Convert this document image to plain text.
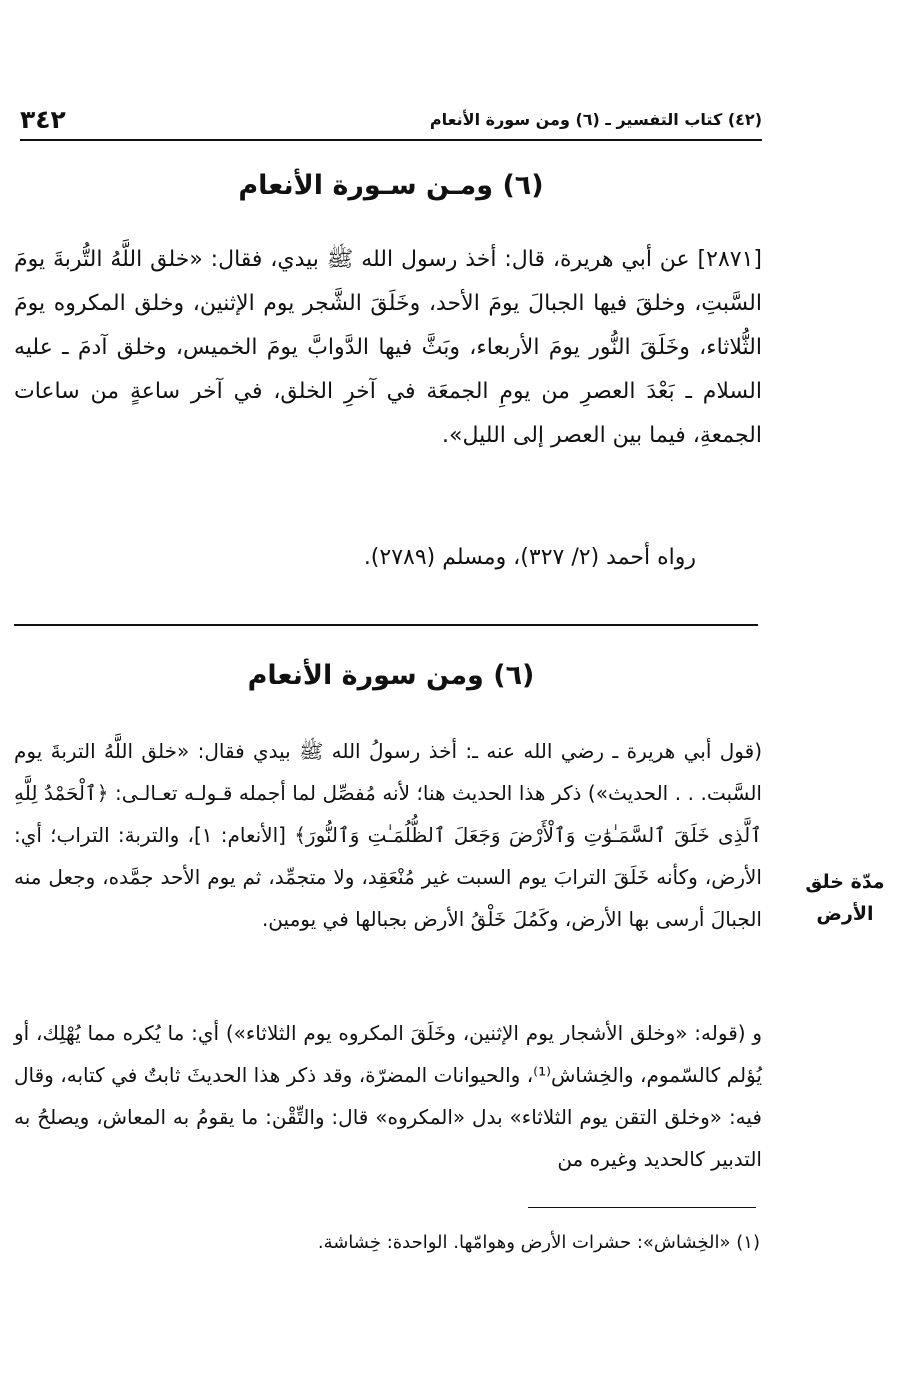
٣٤٢	(٤٢) كتاب التفسير ـ (٦) ومن سورة الأنعام
(٦) ومـن سـورة الأنعام
[٢٨٧١] عن أبي هريرة، قال: أخذ رسول الله ﷺ بيدي، فقال: «خلق اللَّهُ التُّربةَ يومَ السَّبتِ، وخلقَ فيها الجبالَ يومَ الأحد، وخَلَقَ الشَّجر يوم الإثنين، وخلق المكروه يومَ الثُّلاثاء، وخَلَقَ النُّور يومَ الأربعاء، وبَثَّ فيها الدَّوابَّ يومَ الخميس، وخلق آدمَ ـ عليه السلام ـ بَعْدَ العصرِ من يومِ الجمعَة في آخرِ الخلق، في آخر ساعةٍ من ساعات الجمعةِ، فيما بين العصر إلى الليل».
رواه أحمد (٢/ ٣٢٧)، ومسلم (٢٧٨٩).
(٦) ومن سورة الأنعام
(قول أبي هريرة ـ رضي الله عنه ـ: أخذ رسولُ الله ﷺ بيدي فقال: «خلق اللَّهُ التربةَ يوم السَّبت. . . الحديث») ذكر هذا الحديث هنا؛ لأنه مُفصِّل لما أجمله قـولـه تعـالـى: ﴿ٱلْحَمْدُ لِلَّهِ ٱلَّذِى خَلَقَ ٱلسَّمَـٰوَٰتِ وَٱلْأَرْضَ وَجَعَلَ ٱلظُّلُمَـٰتِ وَٱلنُّورَ﴾ [الأنعام: ١]، والتربة: التراب؛ أي: الأرض، وكأنه خَلَقَ الترابَ يوم السبت غير مُنْعَقِد، ولا متجمِّد، ثم يوم الأحد جمَّده، وجعل منه الجبالَ أرسى بها الأرض، وكَمُلَ خَلْقُ الأرض بجبالها في يومين.
و (قوله: «وخلق الأشجار يوم الإثنين، وخَلَقَ المكروه يوم الثلاثاء») أي: ما يُكره مما يُهْلِك، أو يُؤلم كالسّموم، والخِشاش⁽¹⁾، والحيوانات المضرّة، وقد ذكر هذا الحديثَ ثابتٌ في كتابه، وقال فيه: «وخلق التقن يوم الثلاثاء» بدل «المكروه» قال: والتِّقْن: ما يقومُ به المعاش، ويصلحُ به التدبير كالحديد وغيره من
مدّة خلق الأرض
(١) «الخِشاش»: حشرات الأرض وهوامّها. الواحدة: خِشاشة.
